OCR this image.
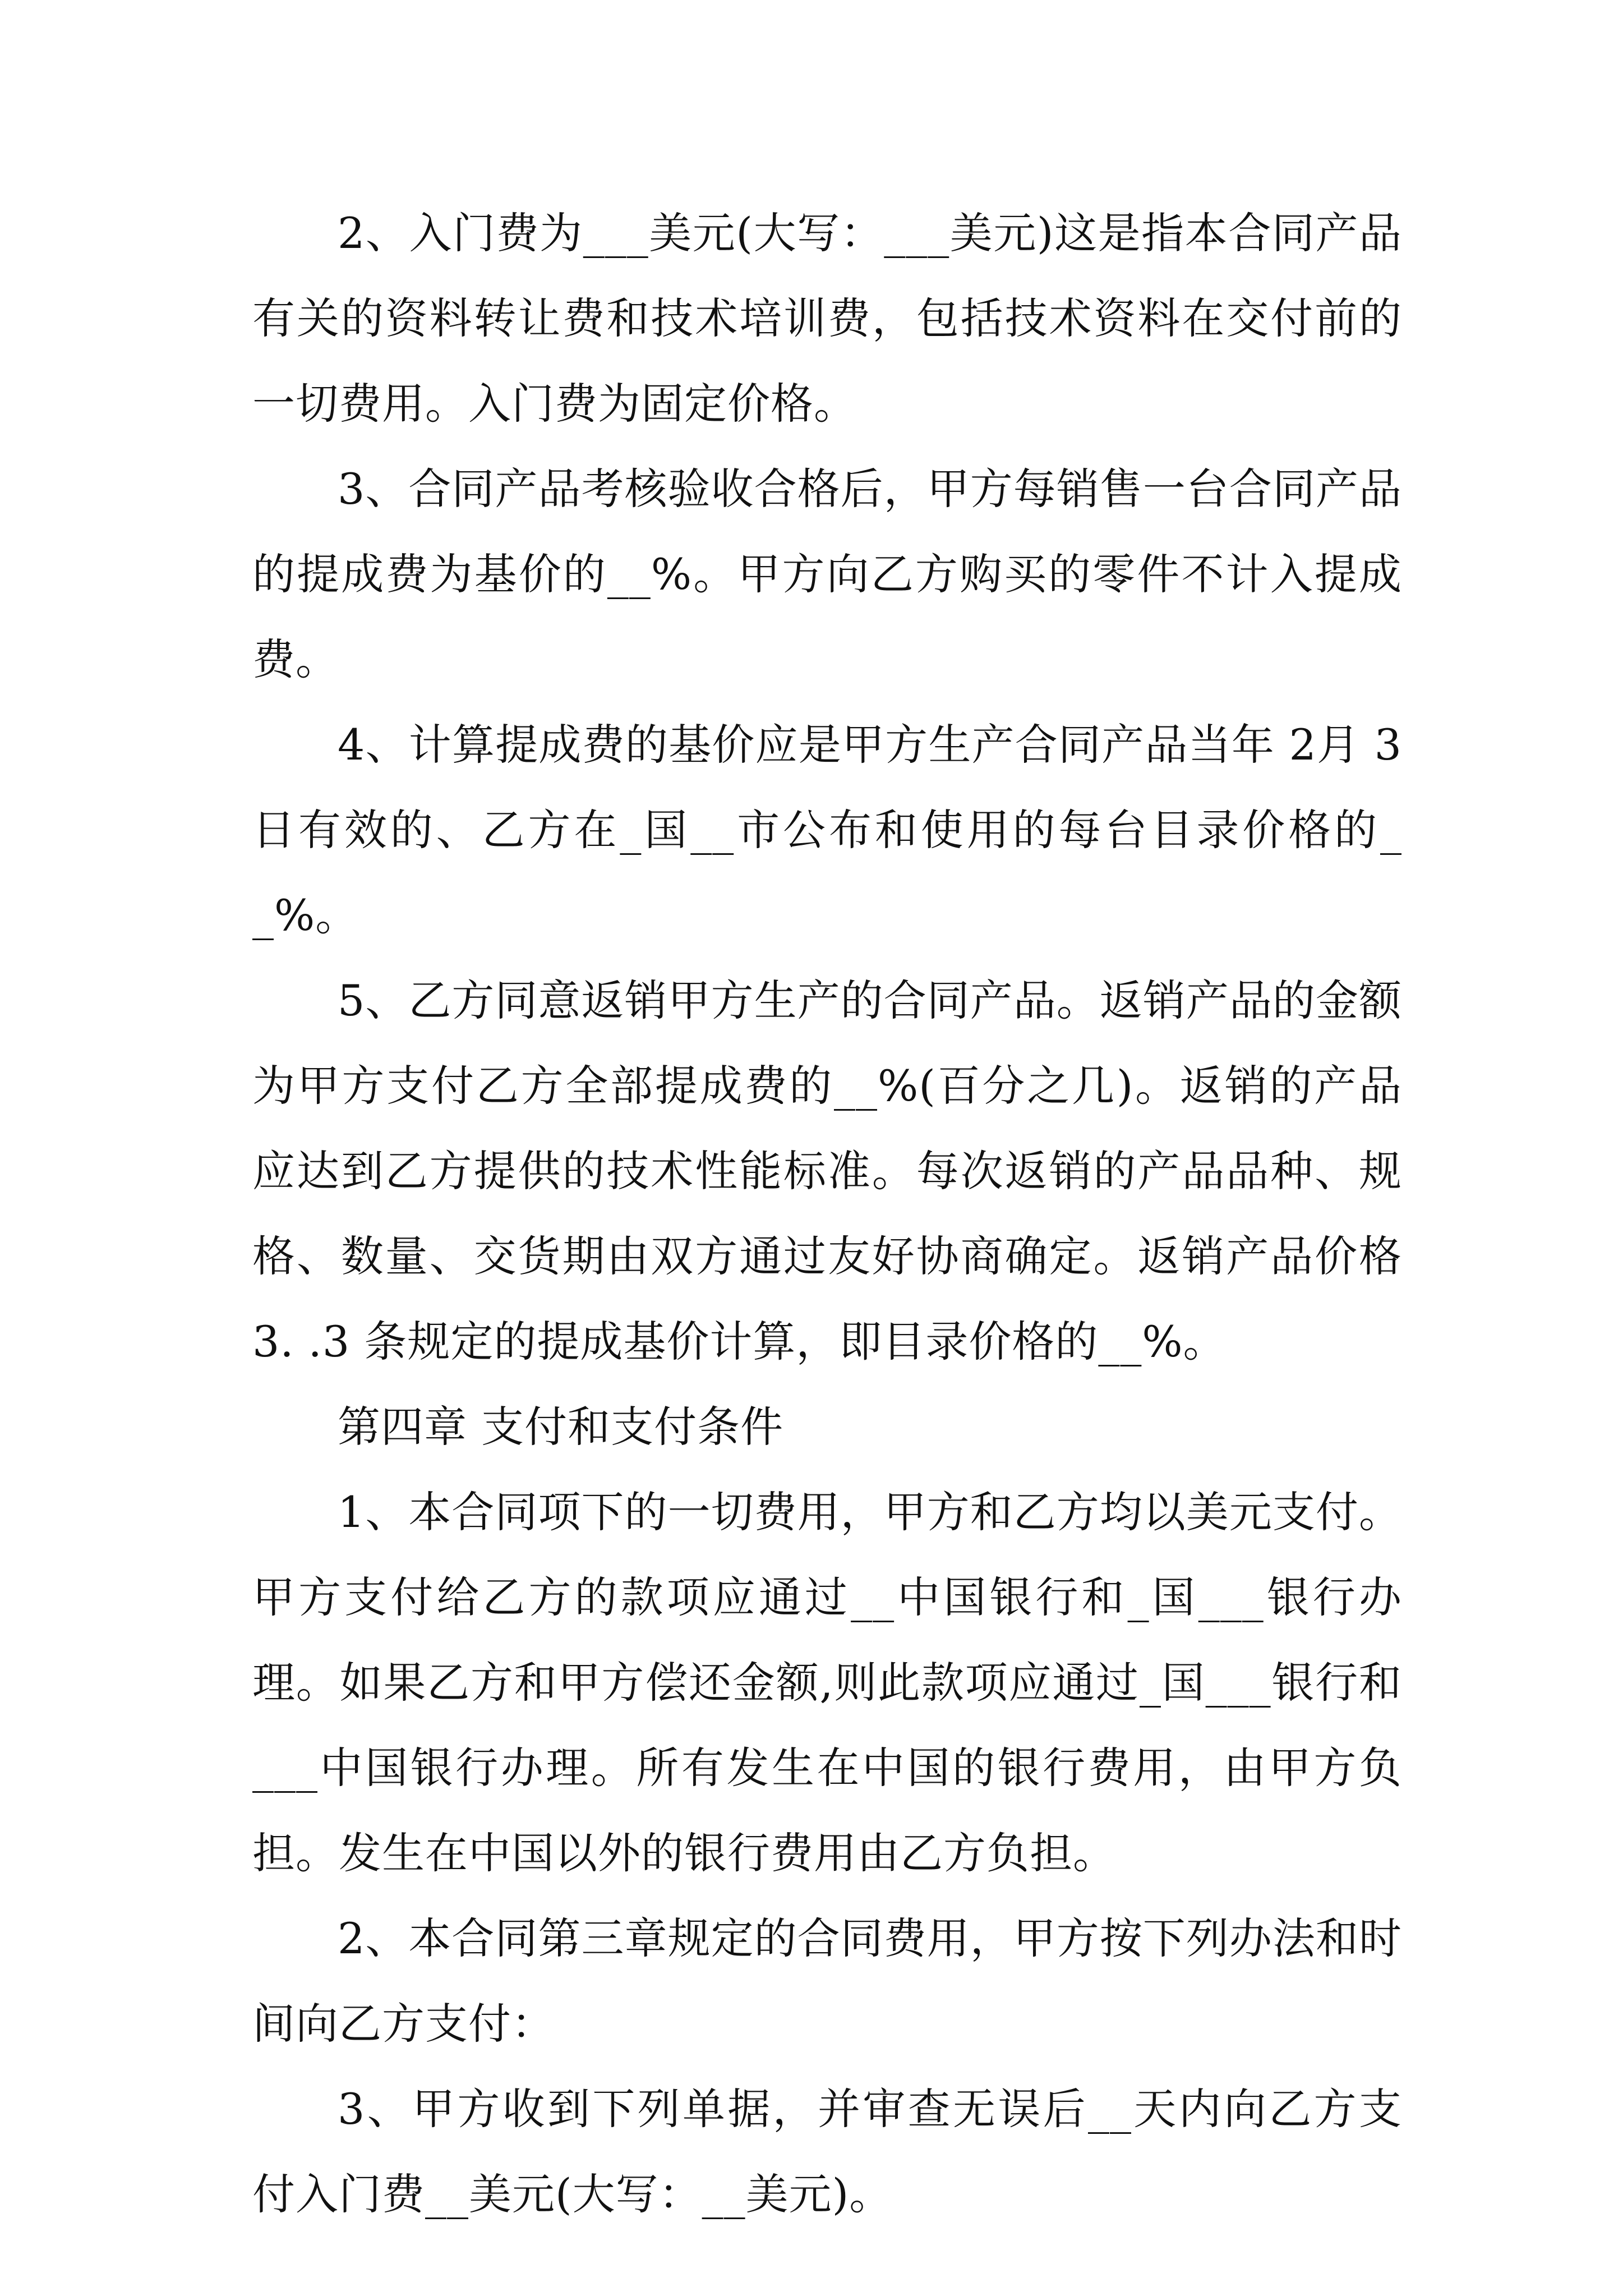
2、入门费为___美元(大写：___美元)这是指本合同产品有关的资料转让费和技术培训费，包括技术资料在交付前的一切费用。入门费为固定价格。

3、合同产品考核验收合格后，甲方每销售一台合同产品的提成费为基价的__%。甲方向乙方购买的零件不计入提成费。

4、计算提成费的基价应是甲方生产合同产品当年 2月 3 日有效的、乙方在_国__市公布和使用的每台目录价格的__%。

5、乙方同意返销甲方生产的合同产品。返销产品的金额为甲方支付乙方全部提成费的__%(百分之几)。返销的产品应达到乙方提供的技术性能标准。每次返销的产品品种、规格、数量、交货期由双方通过友好协商确定。返销产品价格 3. .3 条规定的提成基价计算，即目录价格的__%。

第四章 支付和支付条件

1、本合同项下的一切费用，甲方和乙方均以美元支付。甲方支付给乙方的款项应通过__中国银行和_国___银行办理。如果乙方和甲方偿还金额,则此款项应通过_国___银行和___中国银行办理。所有发生在中国的银行费用，由甲方负担。发生在中国以外的银行费用由乙方负担。

2、本合同第三章规定的合同费用，甲方按下列办法和时间向乙方支付：

3、甲方收到下列单据，并审查无误后__天内向乙方支付入门费__美元(大写：__美元)。
